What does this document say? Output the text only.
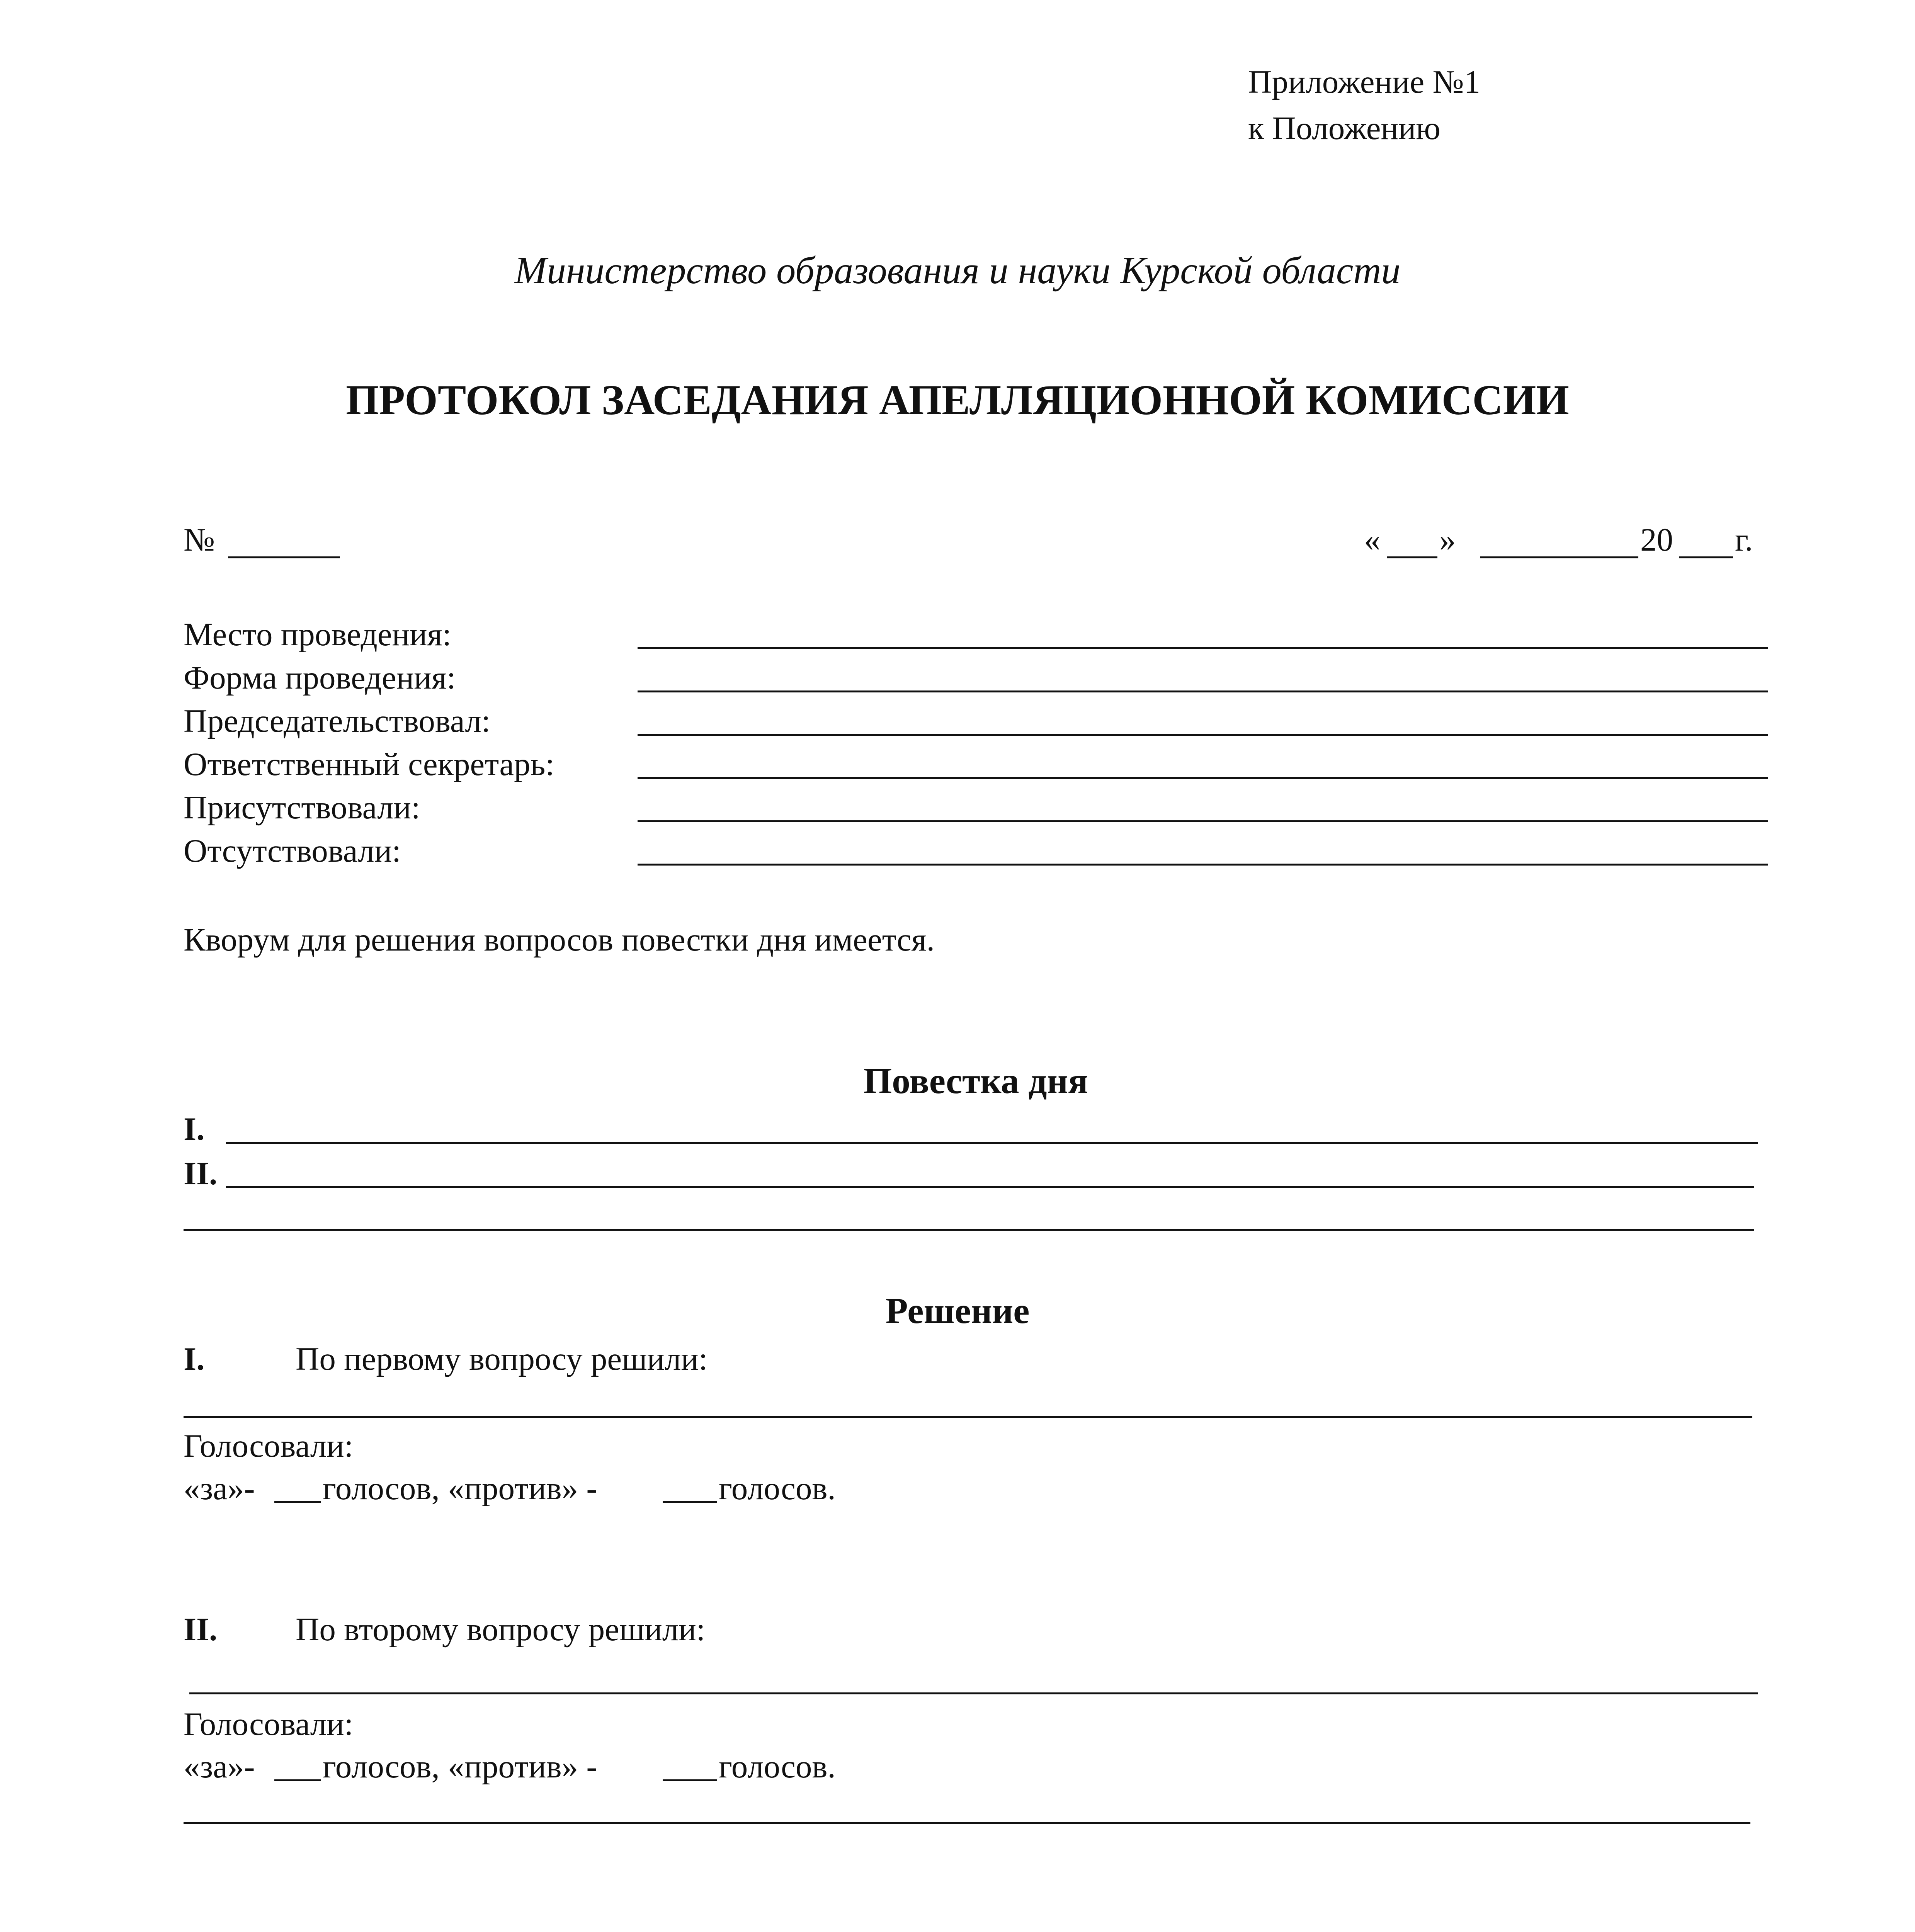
Приложение №1
к Положению
Министерство образования и науки Курской области
ПРОТОКОЛ ЗАСЕДАНИЯ АПЕЛЛЯЦИОННОЙ КОМИССИИ
№	« »	20 г.
Место проведения:
Форма проведения:
Председательствовал:
Ответственный секретарь:
Присутствовали:
Отсутствовали:
Кворум для решения вопросов повестки дня имеется.
Повестка дня
I.
II.
Решение
I.	По первому вопросу решили:
Голосовали:
«за»- голосов, «против» -	голосов.
II. По второму вопросу решили:
Голосовали:
«за»- голосов, «против» -	голосов.
